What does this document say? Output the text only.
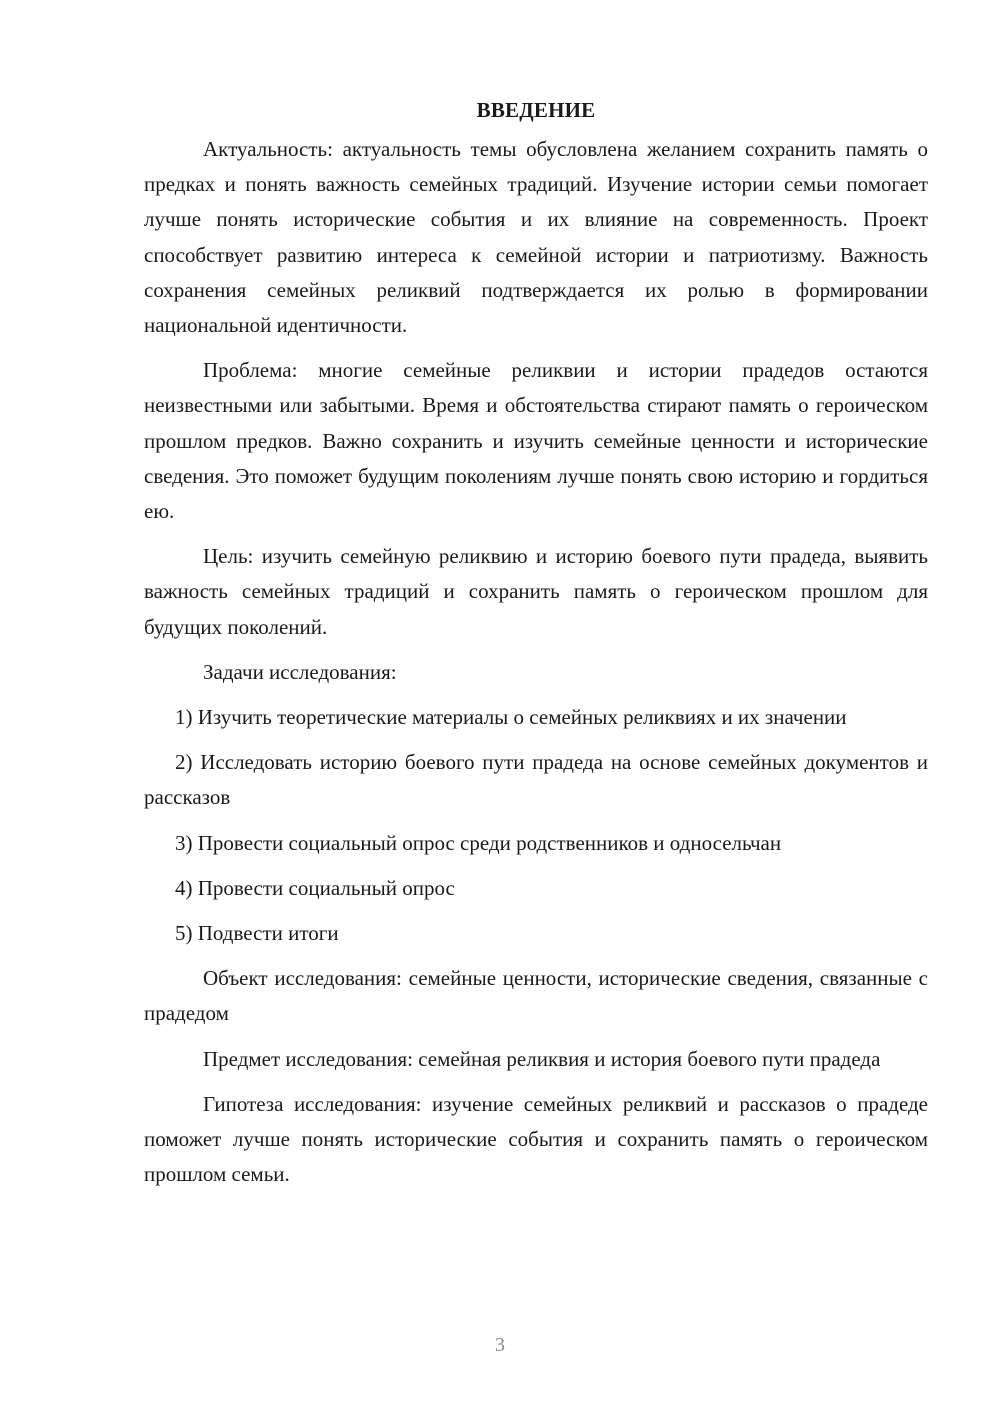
ВВЕДЕНИЕ

Актуальность: актуальность темы обусловлена желанием сохранить память о предках и понять важность семейных традиций. Изучение истории семьи помогает лучше понять исторические события и их влияние на современность. Проект способствует развитию интереса к семейной истории и патриотизму. Важность сохранения семейных реликвий подтверждается их ролью в формировании национальной идентичности.

Проблема: многие семейные реликвии и истории прадедов остаются неизвестными или забытыми. Время и обстоятельства стирают память о героическом прошлом предков. Важно сохранить и изучить семейные ценности и исторические сведения. Это поможет будущим поколениям лучше понять свою историю и гордиться ею.

Цель: изучить семейную реликвию и историю боевого пути прадеда, выявить важность семейных традиций и сохранить память о героическом прошлом для будущих поколений.

Задачи исследования:

1) Изучить теоретические материалы о семейных реликвиях и их значении

2) Исследовать историю боевого пути прадеда на основе семейных документов и рассказов

3) Провести социальный опрос среди родственников и односельчан

4) Провести социальный опрос

5) Подвести итоги

Объект исследования: семейные ценности, исторические сведения, связанные с прадедом

Предмет исследования: семейная реликвия и история боевого пути прадеда

Гипотеза исследования: изучение семейных реликвий и рассказов о прадеде поможет лучше понять исторические события и сохранить память о героическом прошлом семьи.

3
